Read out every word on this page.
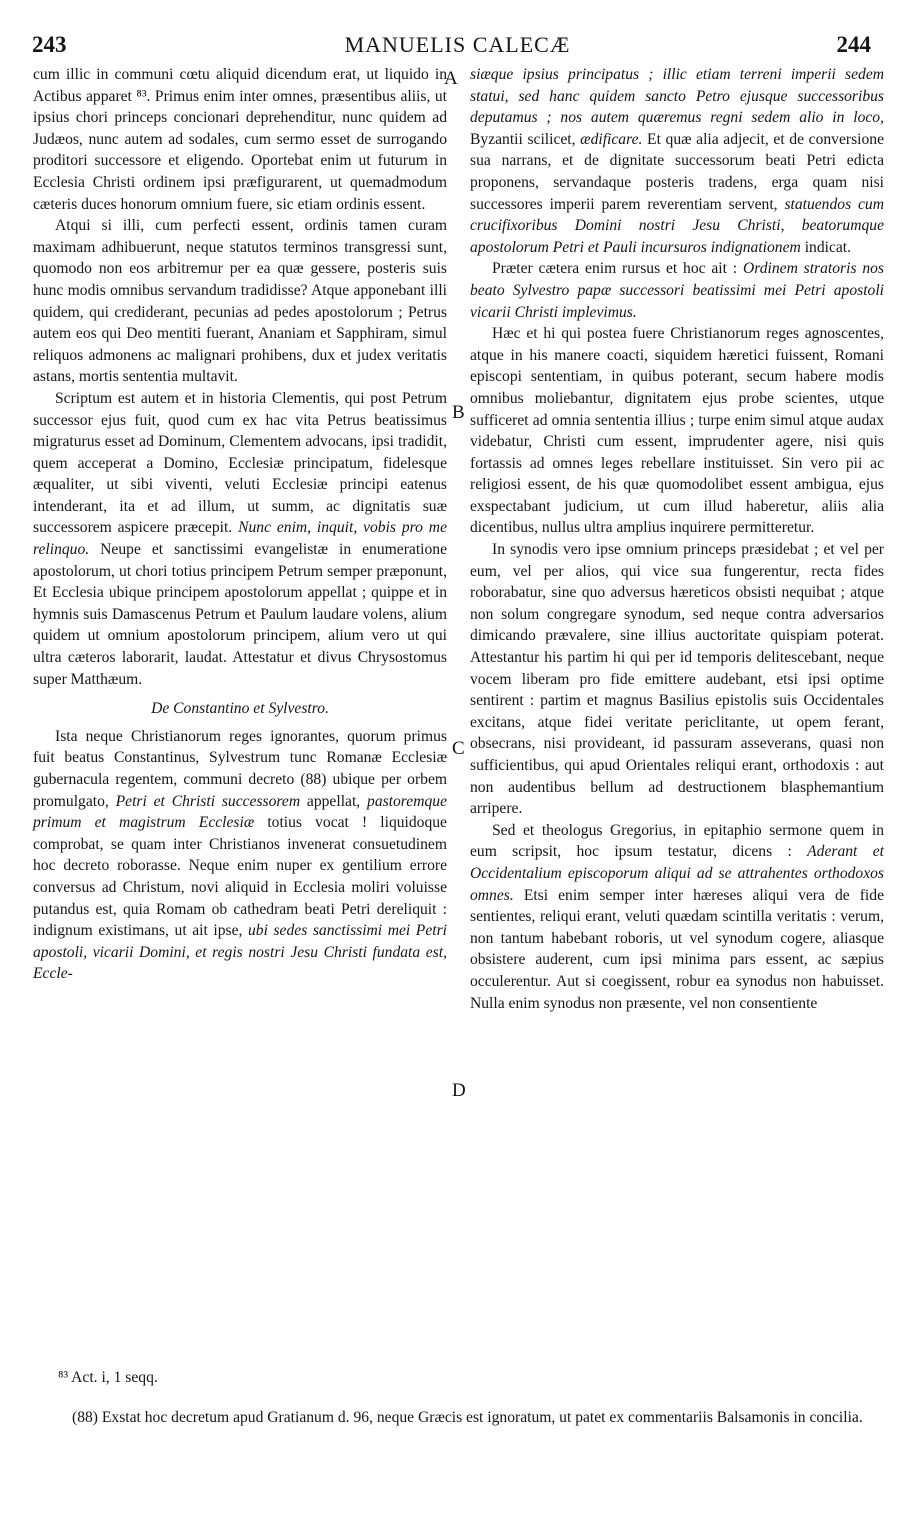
243	MANUELIS CALECÆ	244
A
B
C
D

cum illic in communi cœtu aliquid dicendum erat, ut liquido in Actibus apparet ⁸³. Primus enim inter omnes, præsentibus aliis, ut ipsius chori princeps concionari deprehenditur, nunc quidem ad Judæos, nunc autem ad sodales, cum sermo esset de surrogando proditori successore et eligendo. Oportebat enim ut futurum in Ecclesia Christi ordinem ipsi præfigurarent, ut quemadmodum cæteris duces honorum omnium fuere, sic etiam ordinis essent.

Atqui si illi, cum perfecti essent, ordinis tamen curam maximam adhibuerunt, neque statutos terminos transgressi sunt, quomodo non eos arbitremur per ea quæ gessere, posteris suis hunc modis omnibus servandum tradidisse? Atque apponebant illi quidem, qui crediderant, pecunias ad pedes apostolorum ; Petrus autem eos qui Deo mentiti fuerant, Ananiam et Sapphiram, simul reliquos admonens ac malignari prohibens, dux et judex veritatis astans, mortis sententia multavit.

Scriptum est autem et in historia Clementis, qui post Petrum successor ejus fuit, quod cum ex hac vita Petrus beatissimus migraturus esset ad Dominum, Clementem advocans, ipsi tradidit, quem acceperat a Domino, Ecclesiæ principatum, fidelesque æqualiter, ut sibi viventi, veluti Ecclesiæ principi eatenus intenderant, ita et ad illum, ut summ, ac dignitatis suæ successorem aspicere præcepit. Nunc enim, inquit, vobis pro me relinquo. Neupe et sanctissimi evangelistæ in enumeratione apostolorum, ut chori totius principem Petrum semper præponunt, Et Ecclesia ubique principem apostolorum appellat ; quippe et in hymnis suis Damascenus Petrum et Paulum laudare volens, alium quidem ut omnium apostolorum principem, alium vero ut qui ultra cæteros laborarit, laudat. Attestatur et divus Chrysostomus super Matthæum.

De Constantino et Sylvestro.

Ista neque Christianorum reges ignorantes, quorum primus fuit beatus Constantinus, Sylvestrum tunc Romanæ Ecclesiæ gubernacula regentem, communi decreto (88) ubique per orbem promulgato, Petri et Christi successorem appellat, pastoremque primum et magistrum Ecclesiæ totius vocat ! liquidoque comprobat, se quam inter Christianos invenerat consuetudinem hoc decreto roborasse. Neque enim nuper ex gentilium errore conversus ad Christum, novi aliquid in Ecclesia moliri voluisse putandus est, quia Romam ob cathedram beati Petri dereliquit : indignum existimans, ut ait ipse, ubi sedes sanctissimi mei Petri apostoli, vicarii Domini, et regis nostri Jesu Christi fundata est, Eccle-

siæque ipsius principatus ; illic etiam terreni imperii sedem statui, sed hanc quidem sancto Petro ejusque successoribus deputamus ; nos autem quæremus regni sedem alio in loco, Byzantii scilicet, ædificare. Et quæ alia adjecit, et de conversione sua narrans, et de dignitate successorum beati Petri edicta proponens, servandaque posteris tradens, erga quam nisi successores imperii parem reverentiam servent, statuendos cum crucifixoribus Domini nostri Jesu Christi, beatorumque apostolorum Petri et Pauli incursuros indignationem indicat.

Præter cætera enim rursus et hoc ait : Ordinem stratoris nos beato Sylvestro papæ successori beatissimi mei Petri apostoli vicarii Christi implevimus.

Hæc et hi qui postea fuere Christianorum reges agnoscentes, atque in his manere coacti, siquidem hæretici fuissent, Romani episcopi sententiam, in quibus poterant, secum habere modis omnibus moliebantur, dignitatem ejus probe scientes, utque sufficeret ad omnia sententia illius ; turpe enim simul atque audax videbatur, Christi cum essent, imprudenter agere, nisi quis fortassis ad omnes leges rebellare instituisset. Sin vero pii ac religiosi essent, de his quæ quomodolibet essent ambigua, ejus exspectabant judicium, ut cum illud haberetur, aliis alia dicentibus, nullus ultra amplius inquirere permitteretur.

In synodis vero ipse omnium princeps præsidebat ; et vel per eum, vel per alios, qui vice sua fungerentur, recta fides roborabatur, sine quo adversus hæreticos obsisti nequibat ; atque non solum congregare synodum, sed neque contra adversarios dimicando prævalere, sine illius auctoritate quispiam poterat. Attestantur his partim hi qui per id temporis delitescebant, neque vocem liberam pro fide emittere audebant, etsi ipsi optime sentirent : partim et magnus Basilius epistolis suis Occidentales excitans, atque fidei veritate periclitante, ut opem ferant, obsecrans, nisi provideant, id passuram asseverans, quasi non sufficientibus, qui apud Orientales reliqui erant, orthodoxis : aut non audentibus bellum ad destructionem blasphemantium arripere.

Sed et theologus Gregorius, in epitaphio sermone quem in eum scripsit, hoc ipsum testatur, dicens : Aderant et Occidentalium episcoporum aliqui ad se attrahentes orthodoxos omnes. Etsi enim semper inter hæreses aliqui vera de fide sentientes, reliqui erant, veluti quædam scintilla veritatis : verum, non tantum habebant roboris, ut vel synodum cogere, aliasque obsistere auderent, cum ipsi minima pars essent, ac sæpius occulerentur. Aut si coegissent, robur ea synodus non habuisset. Nulla enim synodus non præsente, vel non consentiente

⁸³ Act. i, 1 seqq.
(88) Exstat hoc decretum apud Gratianum d. 96, neque Græcis est ignoratum, ut patet ex commentariis Balsamonis in concilia.
